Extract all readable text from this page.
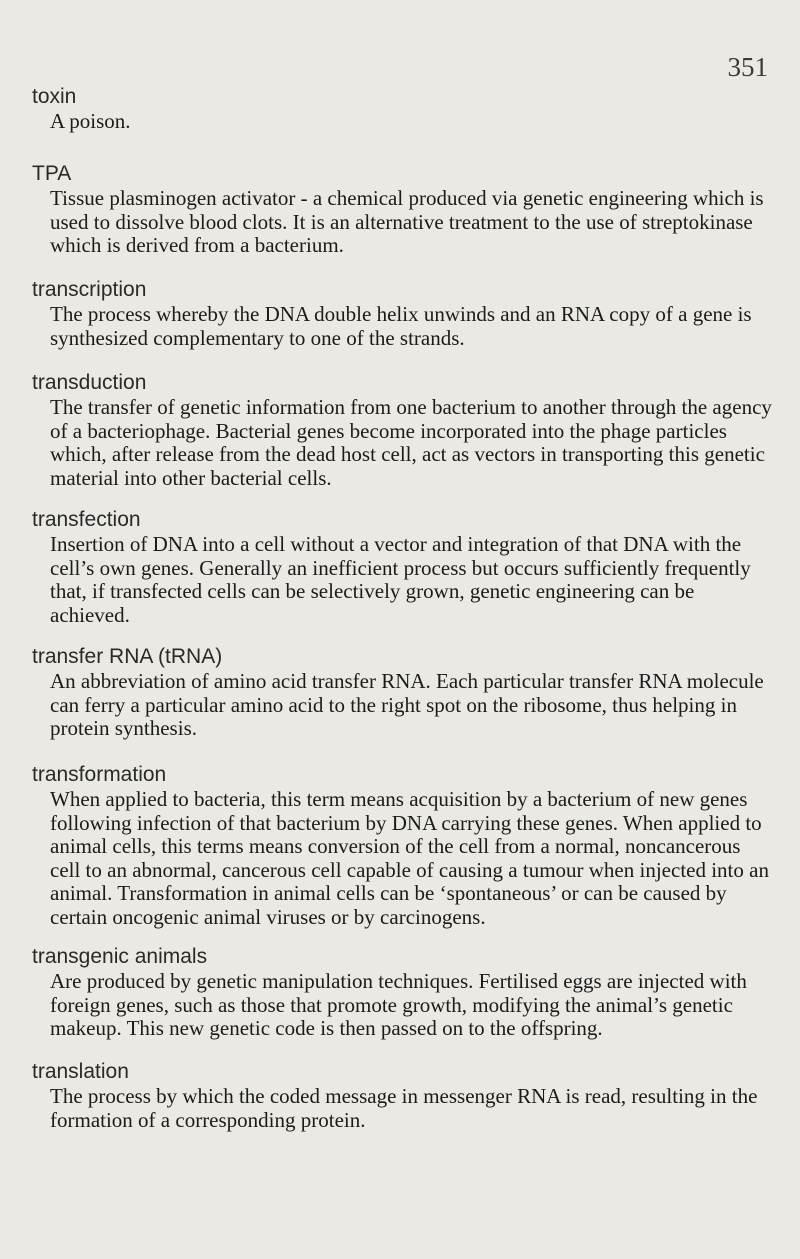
351

toxin

A poison.

TPA

Tissue plasminogen activator - a chemical produced via genetic engineering which is used to dissolve blood clots. It is an alternative treatment to the use of streptokinase which is derived from a bacterium.

transcription

The process whereby the DNA double helix unwinds and an RNA copy of a gene is synthesized complementary to one of the strands.

transduction

The transfer of genetic information from one bacterium to another through the agency of a bacteriophage. Bacterial genes become incorporated into the phage particles which, after release from the dead host cell, act as vectors in transporting this genetic material into other bacterial cells.

transfection

Insertion of DNA into a cell without a vector and integration of that DNA with the cell’s own genes. Generally an inefficient process but occurs sufficiently frequently that, if transfected cells can be selectively grown, genetic engineering can be achieved.

transfer RNA (tRNA)

An abbreviation of amino acid transfer RNA. Each particular transfer RNA molecule can ferry a particular amino acid to the right spot on the ribosome, thus helping in protein synthesis.

transformation

When applied to bacteria, this term means acquisition by a bacterium of new genes following infection of that bacterium by DNA carrying these genes. When applied to animal cells, this terms means conversion of the cell from a normal, noncancerous cell to an abnormal, cancerous cell capable of causing a tumour when injected into an animal. Transformation in animal cells can be ‘spontaneous’ or can be caused by certain oncogenic animal viruses or by carcinogens.

transgenic animals

Are produced by genetic manipulation techniques. Fertilised eggs are injected with foreign genes, such as those that promote growth, modifying the animal’s genetic makeup. This new genetic code is then passed on to the offspring.

translation

The process by which the coded message in messenger RNA is read, resulting in the formation of a corresponding protein.
